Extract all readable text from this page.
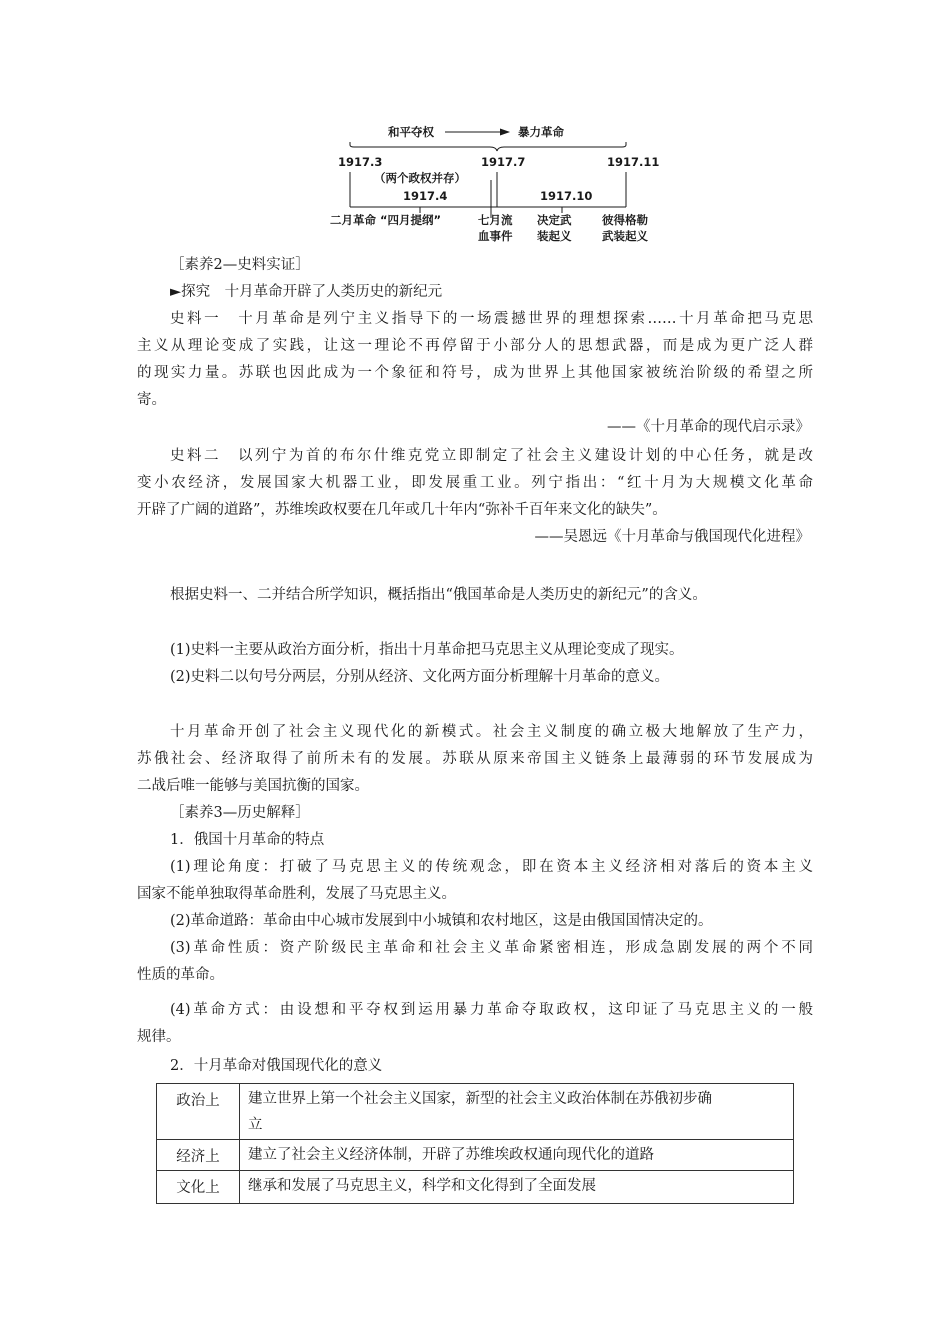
和平夺权	暴力革命
1917.3	1917.7	1917.11
（两个政权并存）
1917.4	1917.10
二月革命 “四月提纲”	七月流
血事件
决定武
装起义
彼得格勒
武装起义
［素养2—史料实证］
►探究　十月革命开辟了人类历史的新纪元
史料一　十月革命是列宁主义指导下的一场震撼世界的理想探索……十月革命把马克思
主义从理论变成了实践，让这一理论不再停留于小部分人的思想武器，而是成为更广泛人群
的现实力量。苏联也因此成为一个象征和符号，成为世界上其他国家被统治阶级的希望之所
寄。
——《十月革命的现代启示录》
史料二　以列宁为首的布尔什维克党立即制定了社会主义建设计划的中心任务，就是改
变小农经济，发展国家大机器工业，即发展重工业。列宁指出：“红十月为大规模文化革命
开辟了广阔的道路”，苏维埃政权要在几年或几十年内“弥补千百年来文化的缺失”。
——吴恩远《十月革命与俄国现代化进程》
根据史料一、二并结合所学知识，概括指出“俄国革命是人类历史的新纪元”的含义。
(1)史料一主要从政治方面分析，指出十月革命把马克思主义从理论变成了现实。
(2)史料二以句号分两层，分别从经济、文化两方面分析理解十月革命的意义。
十月革命开创了社会主义现代化的新模式。社会主义制度的确立极大地解放了生产力，
苏俄社会、经济取得了前所未有的发展。苏联从原来帝国主义链条上最薄弱的环节发展成为
二战后唯一能够与美国抗衡的国家。
［素养3—历史解释］
1．俄国十月革命的特点
(1)理论角度：打破了马克思主义的传统观念，即在资本主义经济相对落后的资本主义
国家不能单独取得革命胜利，发展了马克思主义。
(2)革命道路：革命由中心城市发展到中小城镇和农村地区，这是由俄国国情决定的。
(3)革命性质：资产阶级民主革命和社会主义革命紧密相连，形成急剧发展的两个不同
性质的革命。
(4)革命方式：由设想和平夺权到运用暴力革命夺取政权，这印证了马克思主义的一般
规律。
2．十月革命对俄国现代化的意义
政治上	建立世界上第一个社会主义国家，新型的社会主义政治体制在苏俄初步确
立

经济上	建立了社会主义经济体制，开辟了苏维埃政权通向现代化的道路
文化上	继承和发展了马克思主义，科学和文化得到了全面发展
